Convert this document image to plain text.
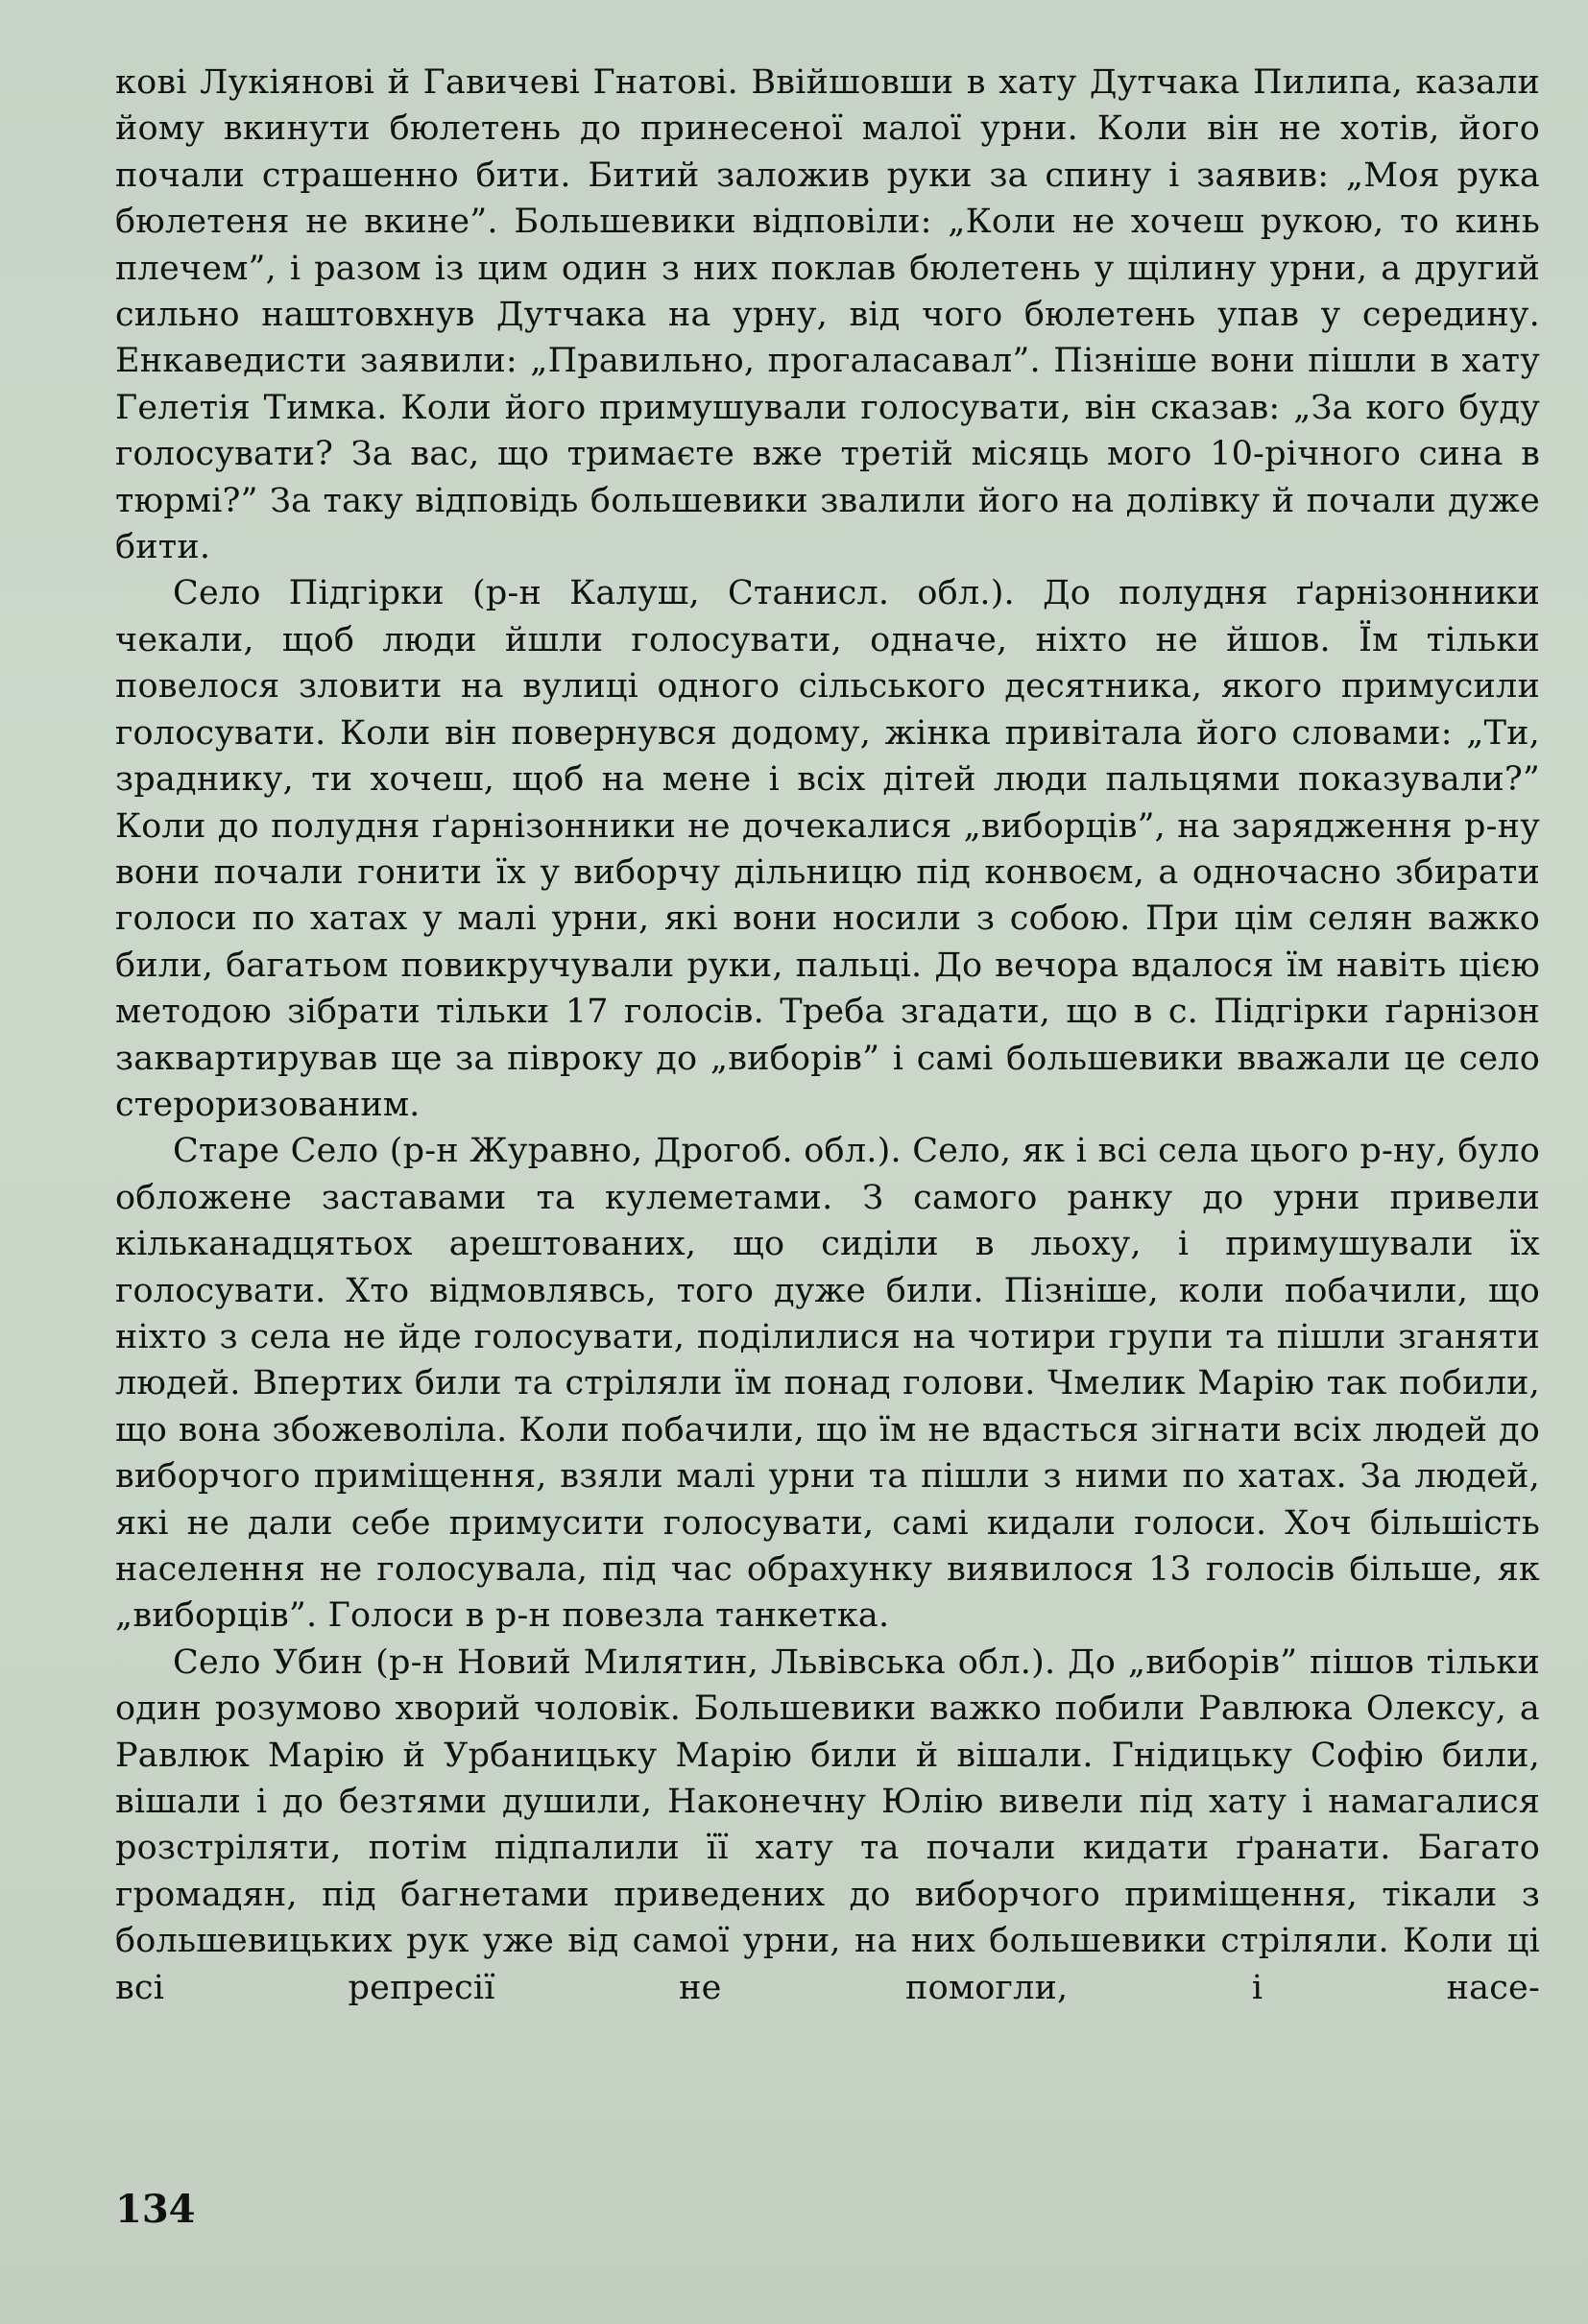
кові Лукіянові й Гавичеві Гнатові. Ввійшовши в хату Дутчака Пилипа, казали йому вкинути бюлетень до принесеної малої урни. Коли він не хотів, його почали страшенно бити. Битий заложив руки за спину і заявив: „Моя рука бюлетеня не вкине”. Большевики відповіли: „Коли не хочеш рукою, то кинь плечем”, і разом із цим один з них поклав бюлетень у щілину урни, а другий сильно наштовхнув Дутчака на урну, від чого бюлетень упав у середину. Енкаведисти заявили: „Правильно, прогаласавал”. Пізніше вони пішли в хату Гелетія Тимка. Коли його примушували голосувати, він сказав: „За кого буду голосувати? За вас, що тримаєте вже третій місяць мого 10-річного сина в тюрмі?” За таку відповідь большевики звалили його на долівку й почали дуже бити.

Село Підгірки (р-н Калуш, Станисл. обл.). До полудня ґарнізонники чекали, щоб люди йшли голосувати, одначе, ніхто не йшов. Їм тільки повелося зловити на вулиці одного сільського десятника, якого примусили голосувати. Коли він повернувся додому, жінка привітала його словами: „Ти, зраднику, ти хочеш, щоб на мене і всіх дітей люди пальцями показували?” Коли до полудня ґарнізонники не дочекалися „виборців”, на зарядження р-ну вони почали гонити їх у виборчу дільницю під конвоєм, а одночасно збирати голоси по хатах у малі урни, які вони носили з собою. При цім селян важко били, багатьом повикручували руки, пальці. До вечора вдалося їм навіть цією методою зібрати тільки 17 голосів. Треба згадати, що в с. Підгірки ґарнізон заквартирував ще за півроку до „виборів” і самі большевики вважали це село стероризованим.

Старе Село (р-н Журавно, Дрогоб. обл.). Село, як і всі села цього р-ну, було обложене заставами та кулеметами. З самого ранку до урни привели кільканадцятьох арештованих, що сиділи в льоху, і примушували їх голосувати. Хто відмовлявсь, того дуже били. Пізніше, коли побачили, що ніхто з села не йде голосувати, поділилися на чотири групи та пішли зганяти людей. Впертих били та стріляли їм понад голови. Чмелик Марію так побили, що вона збожеволіла. Коли побачили, що їм не вдасться зігнати всіх людей до виборчого приміщення, взяли малі урни та пішли з ними по хатах. За людей, які не дали себе примусити голосувати, самі кидали голоси. Хоч більшість населення не голосувала, під час обрахунку виявилося 13 голосів більше, як „виборців”. Голоси в р-н повезла танкетка.

Село Убин (р-н Новий Милятин, Львівська обл.). До „виборів” пішов тільки один розумово хворий чоловік. Большевики важко побили Равлюка Олексу, а Равлюк Марію й Урбаницьку Марію били й вішали. Гнідицьку Софію били, вішали і до безтями душили, Наконечну Юлію вивели під хату і намагалися розстріляти, потім підпалили її хату та почали кидати ґранати. Багато громадян, під багнетами приведених до виборчого приміщення, тікали з большевицьких рук уже від самої урни, на них большевики стріляли. Коли ці всі репресії не помогли, і насе-

134
